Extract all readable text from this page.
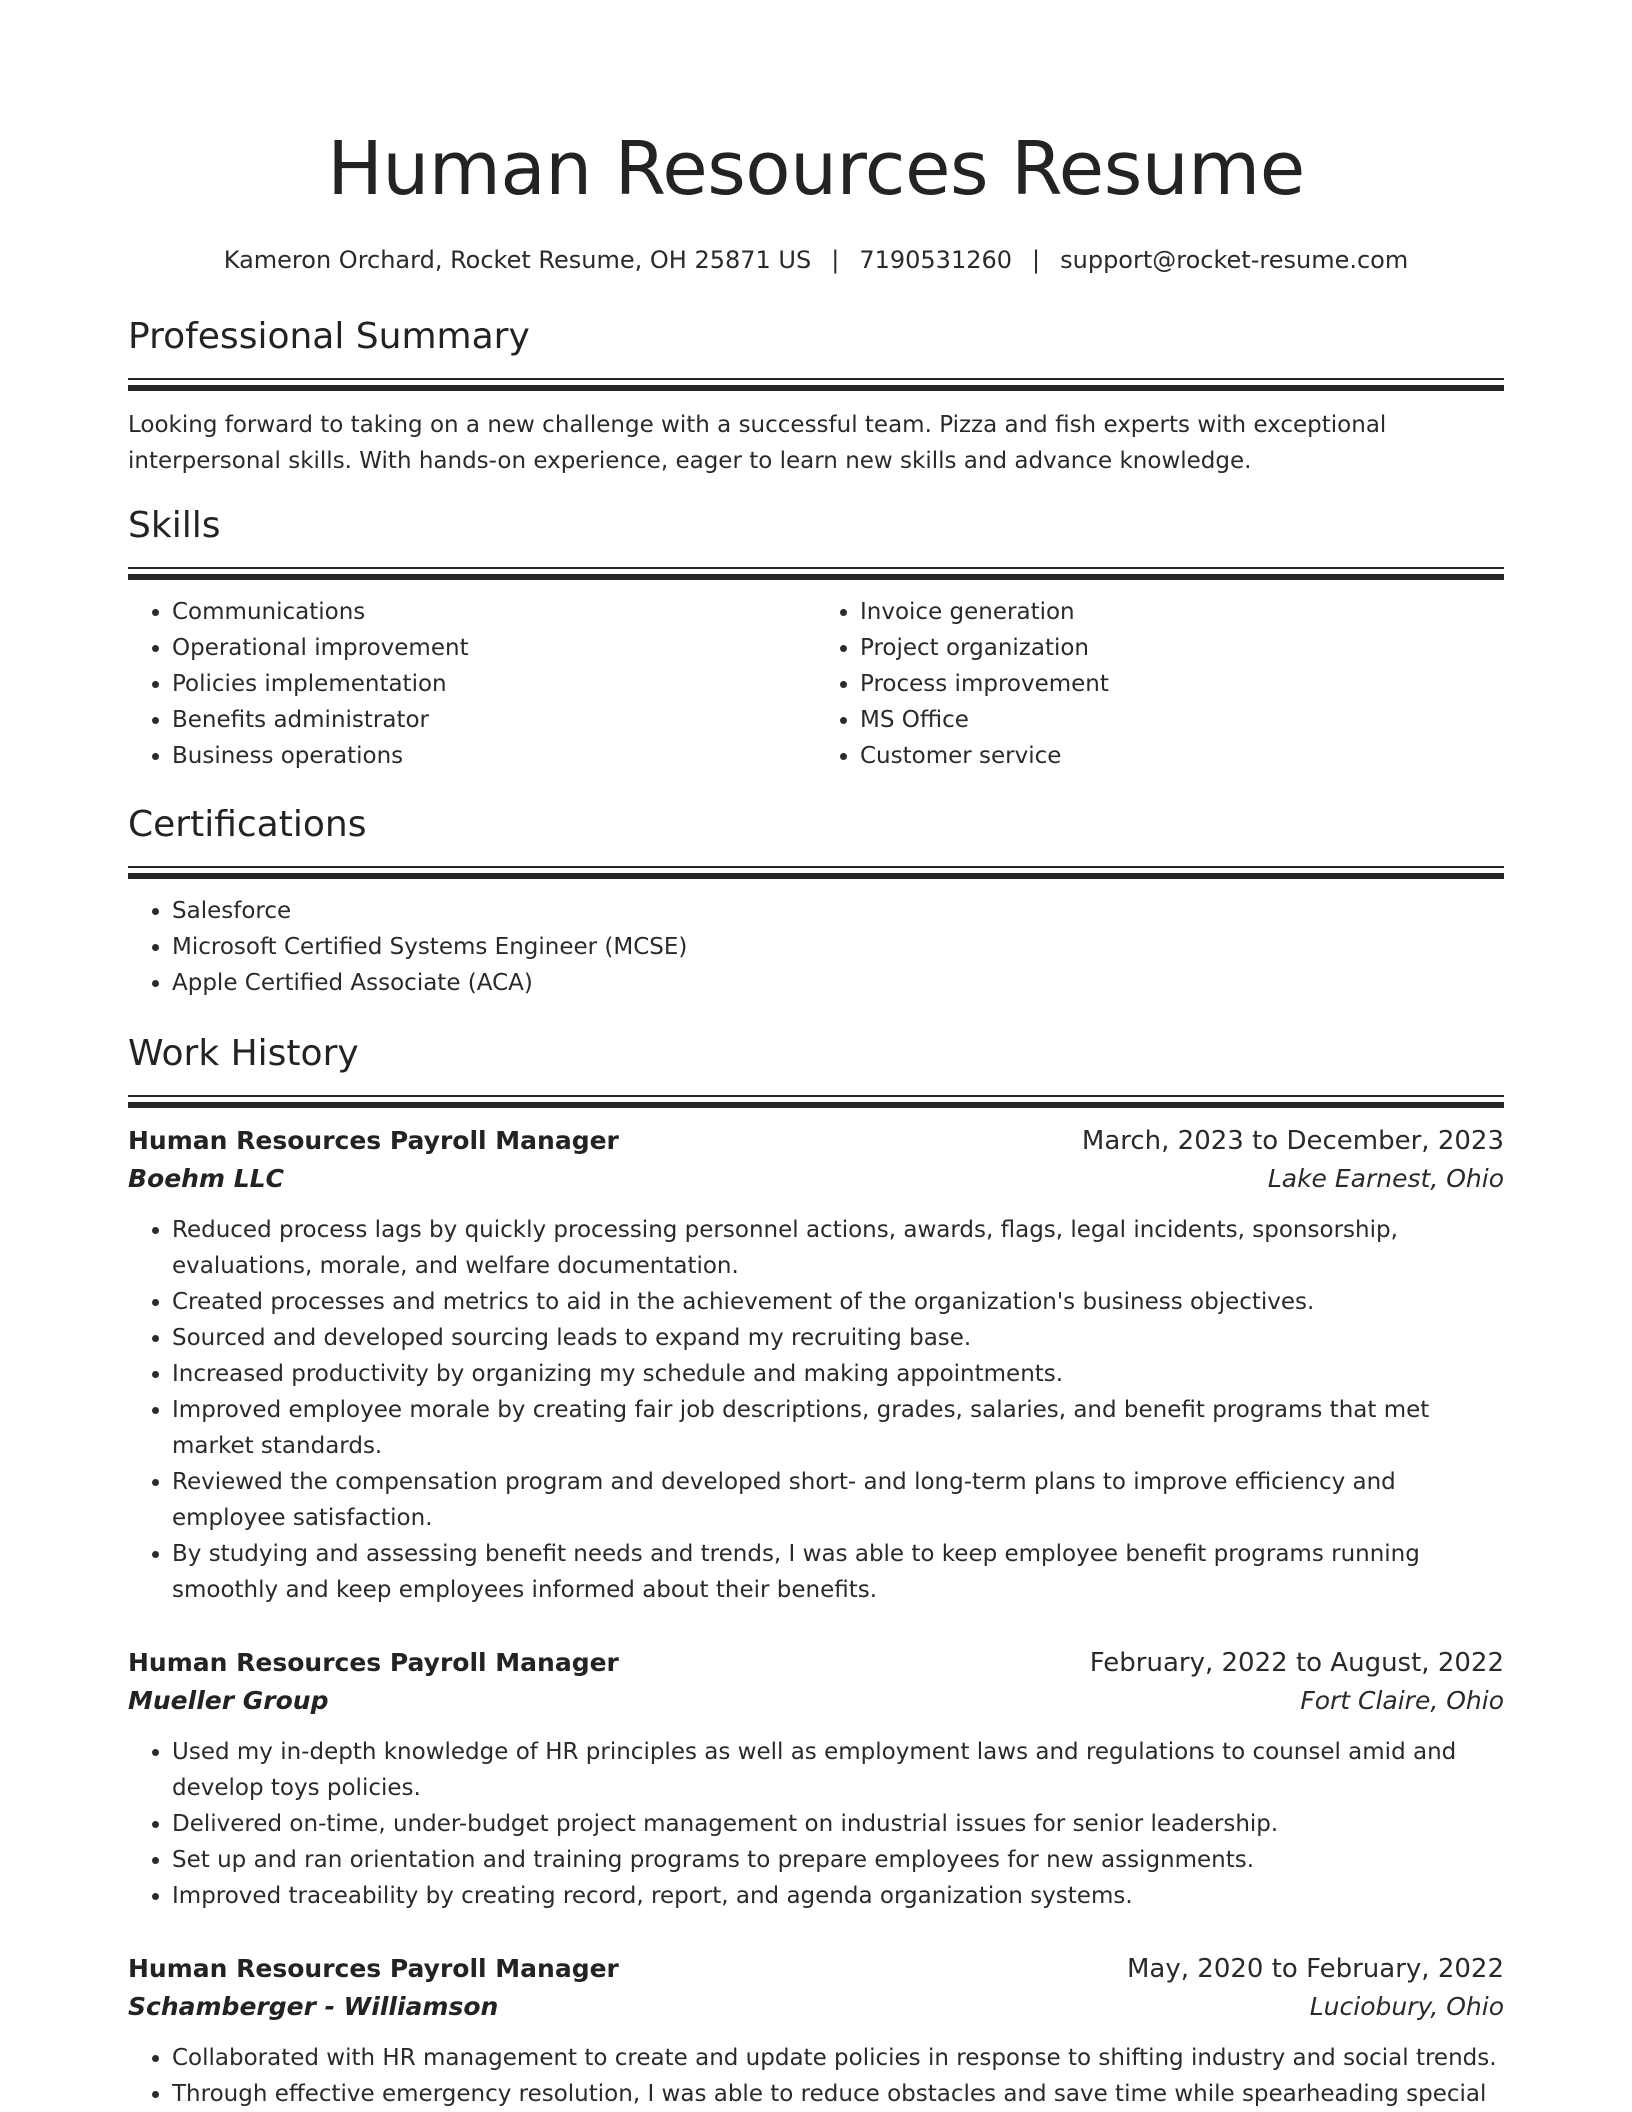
Human Resources Resume
Kameron Orchard, Rocket Resume, OH 25871 US | 7190531260 | support@rocket-resume.com
Professional Summary

Looking forward to taking on a new challenge with a successful team. Pizza and fish experts with exceptional interpersonal skills. With hands-on experience, eager to learn new skills and advance knowledge.

Skills
• Communications
• Operational improvement
• Policies implementation
• Benefits administrator
• Business operations
• Invoice generation
• Project organization
• Process improvement
• MS Office
• Customer service
Certifications
• Salesforce
• Microsoft Certified Systems Engineer (MCSE)
• Apple Certified Associate (ACA)
Work History
Human Resources Payroll Manager	March, 2023 to December, 2023
Boehm LLC	Lake Earnest, Ohio
• Reduced process lags by quickly processing personnel actions, awards, flags, legal incidents, sponsorship, evaluations, morale, and welfare documentation.
• Created processes and metrics to aid in the achievement of the organization's business objectives.
• Sourced and developed sourcing leads to expand my recruiting base.
• Increased productivity by organizing my schedule and making appointments.
• Improved employee morale by creating fair job descriptions, grades, salaries, and benefit programs that met market standards.
• Reviewed the compensation program and developed short- and long-term plans to improve efficiency and employee satisfaction.
• By studying and assessing benefit needs and trends, I was able to keep employee benefit programs running smoothly and keep employees informed about their benefits.
Human Resources Payroll Manager	February, 2022 to August, 2022
Mueller Group	Fort Claire, Ohio
• Used my in-depth knowledge of HR principles as well as employment laws and regulations to counsel amid and develop toys policies.
• Delivered on-time, under-budget project management on industrial issues for senior leadership.
• Set up and ran orientation and training programs to prepare employees for new assignments.
• Improved traceability by creating record, report, and agenda organization systems.
Human Resources Payroll Manager	May, 2020 to February, 2022
Schamberger - Williamson	Luciobury, Ohio
• Collaborated with HR management to create and update policies in response to shifting industry and social trends.
• Through effective emergency resolution, I was able to reduce obstacles and save time while spearheading special
